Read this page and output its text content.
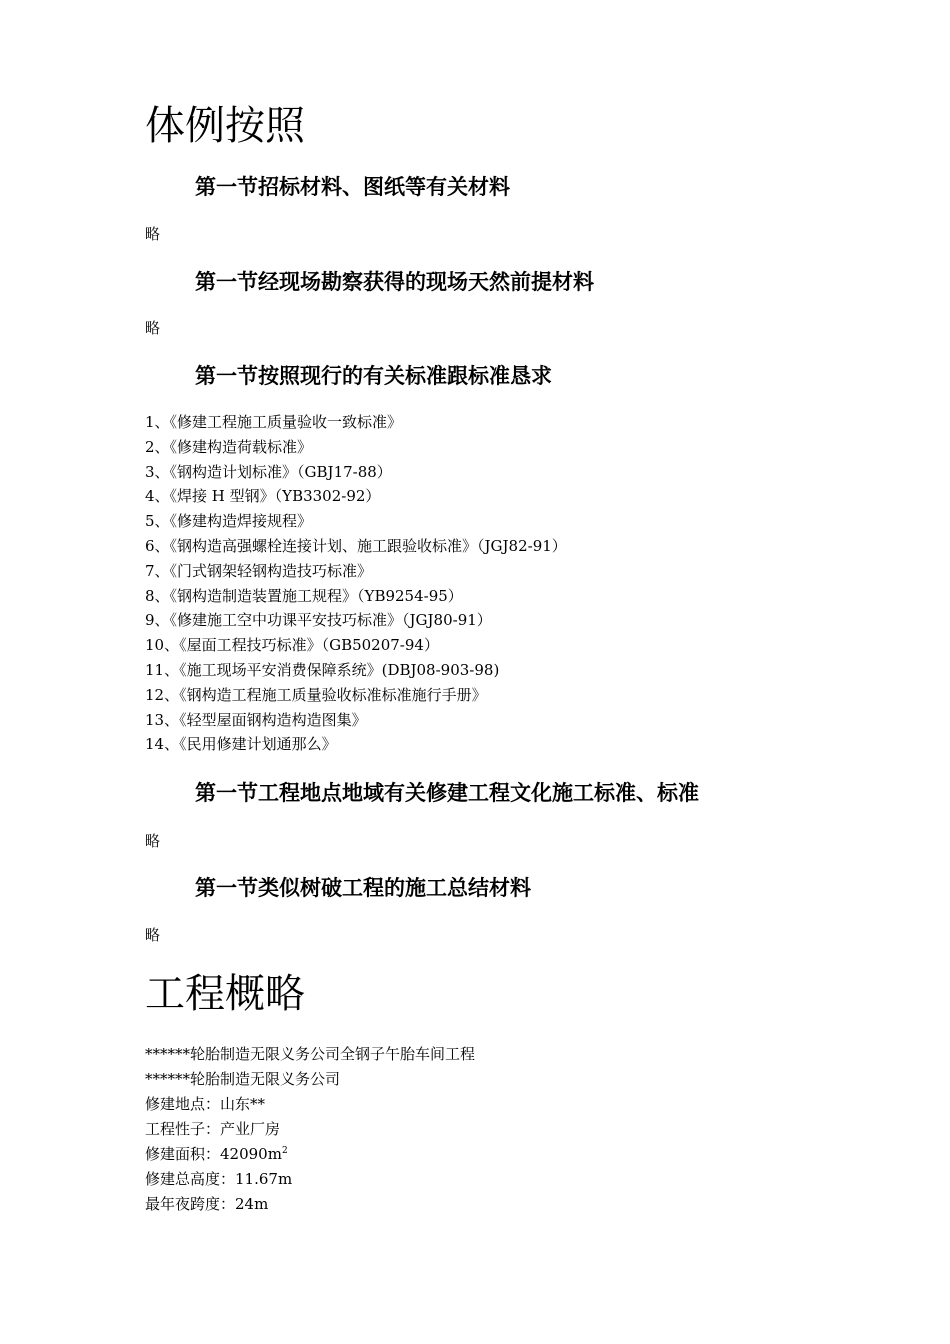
体例按照
第一节招标材料、图纸等有关材料
略
第一节经现场勘察获得的现场天然前提材料
略
第一节按照现行的有关标准跟标准恳求
1、《修建工程施工质量验收一致标准》
2、《修建构造荷载标准》
3、《钢构造计划标准》（GBJ17-88）
4、《焊接 H 型钢》（YB3302-92）
5、《修建构造焊接规程》
6、《钢构造高强螺栓连接计划、施工跟验收标准》（JGJ82-91）
7、《门式钢架轻钢构造技巧标准》
8、《钢构造制造装置施工规程》（YB9254-95）
9、《修建施工空中功课平安技巧标准》（JGJ80-91）
10、《屋面工程技巧标准》（GB50207-94）
11、《施工现场平安消费保障系统》(DBJ08-903-98)
12、《钢构造工程施工质量验收标准标准施行手册》
13、《轻型屋面钢构造构造图集》
14、《民用修建计划通那么》
第一节工程地点地域有关修建工程文化施工标准、标准
略
第一节类似树破工程的施工总结材料
略
工程概略
******轮胎制造无限义务公司全钢子午胎车间工程
******轮胎制造无限义务公司
修建地点：山东**
工程性子：产业厂房
修建面积：$42090m^2$
修建总高度：11.67m
最年夜跨度：24m
